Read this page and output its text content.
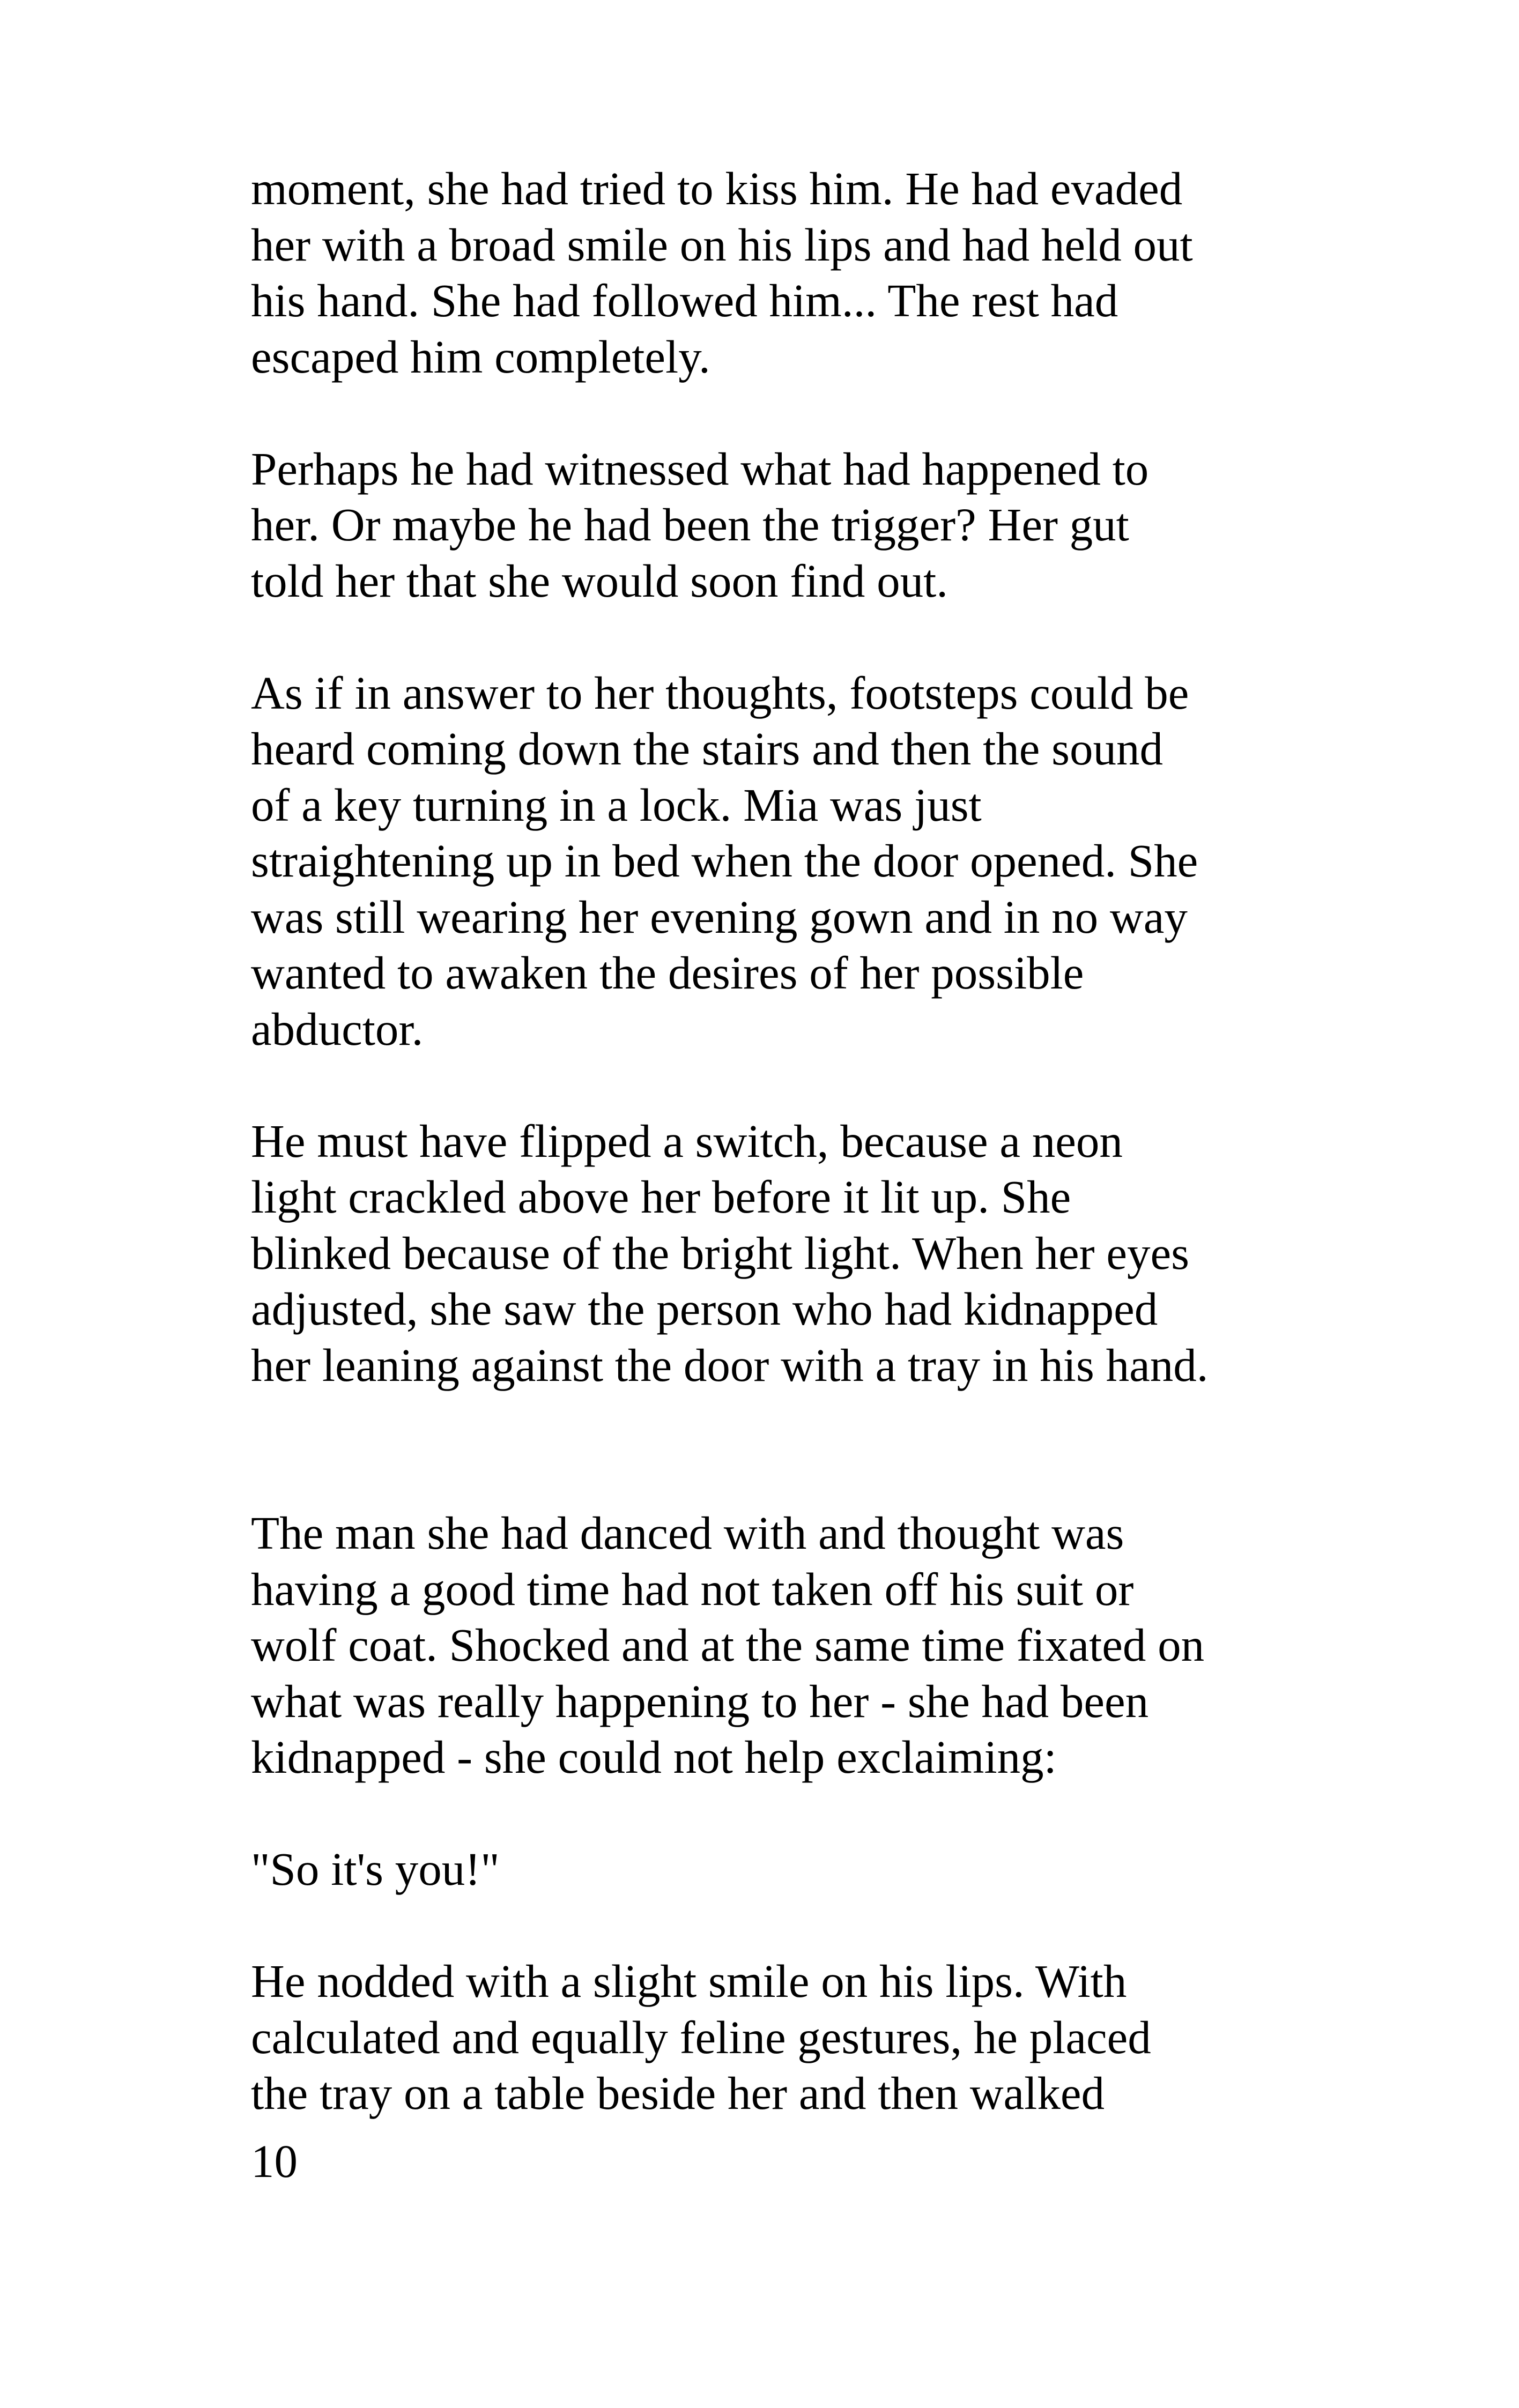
moment, she had tried to kiss him. He had evaded
her with a broad smile on his lips and had held out
his hand. She had followed him... The rest had
escaped him completely.

Perhaps he had witnessed what had happened to
her. Or maybe he had been the trigger? Her gut
told her that she would soon find out.

As if in answer to her thoughts, footsteps could be
heard coming down the stairs and then the sound
of a key turning in a lock. Mia was just
straightening up in bed when the door opened. She
was still wearing her evening gown and in no way
wanted to awaken the desires of her possible
abductor.

He must have flipped a switch, because a neon
light crackled above her before it lit up. She
blinked because of the bright light. When her eyes
adjusted, she saw the person who had kidnapped
her leaning against the door with a tray in his hand.

The man she had danced with and thought was
having a good time had not taken off his suit or
wolf coat. Shocked and at the same time fixated on
what was really happening to her - she had been
kidnapped - she could not help exclaiming:

"So it's you!"

He nodded with a slight smile on his lips. With
calculated and equally feline gestures, he placed
the tray on a table beside her and then walked

10
